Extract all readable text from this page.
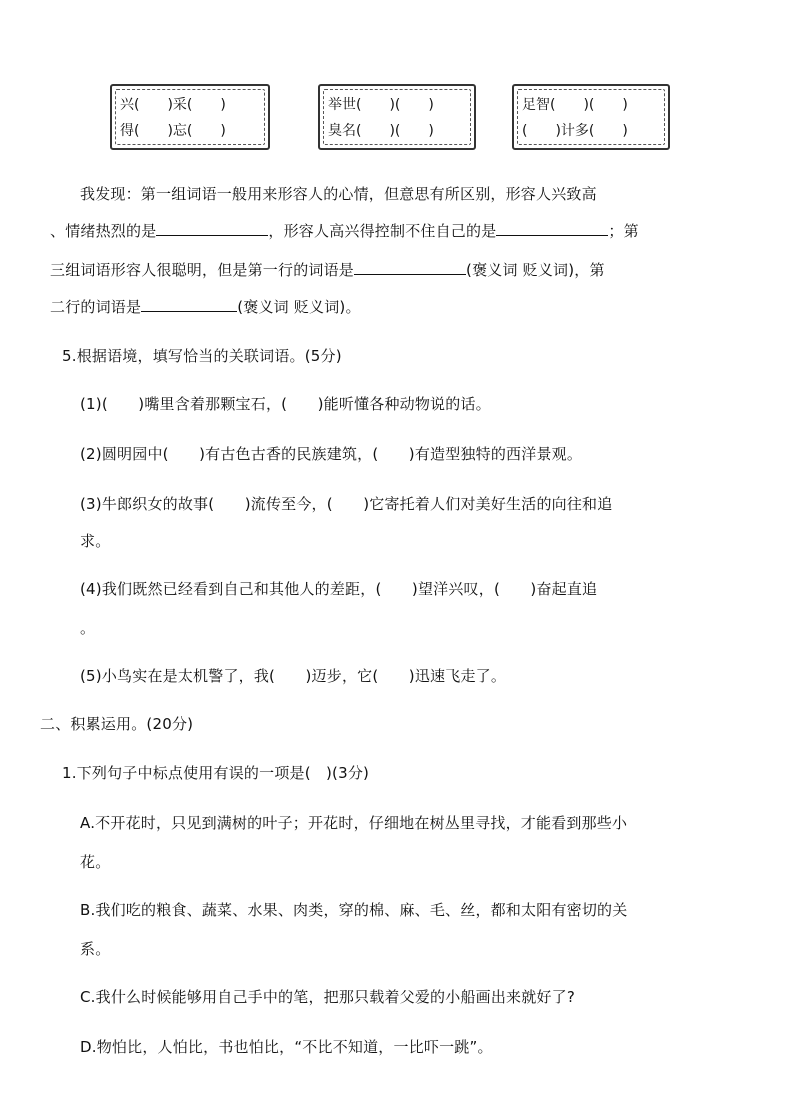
兴(　　)采(　　)
得(　　)忘(　　)
举世(　　)(　　)
臭名(　　)(　　)
足智(　　)(　　)
(　　)计多(　　)
我发现：第一组词语一般用来形容人的心情，但意思有所区别，形容人兴致高
、情绪热烈的是	，形容人高兴得控制不住自己的是	；第
三组词语形容人很聪明，但是第一行的词语是	(褒义词 贬义词)，第
二行的词语是	(褒义词 贬义词)。
5.根据语境，填写恰当的关联词语。(5分)
(1)(　　)嘴里含着那颗宝石，(　　)能听懂各种动物说的话。
(2)圆明园中(　　)有古色古香的民族建筑，(　　)有造型独特的西洋景观。
(3)牛郎织女的故事(　　)流传至今，(　　)它寄托着人们对美好生活的向往和追
求。
(4)我们既然已经看到自己和其他人的差距，(　　)望洋兴叹，(　　)奋起直追
。
(5)小鸟实在是太机警了，我(　　)迈步，它(　　)迅速飞走了。
二、积累运用。(20分)
1.下列句子中标点使用有误的一项是(　)(3分)
A.不开花时，只见到满树的叶子；开花时，仔细地在树丛里寻找，才能看到那些小
花。
B.我们吃的粮食、蔬菜、水果、肉类，穿的棉、麻、毛、丝，都和太阳有密切的关
系。
C.我什么时候能够用自己手中的笔，把那只载着父爱的小船画出来就好了?
D.物怕比，人怕比，书也怕比，“不比不知道，一比吓一跳”。
